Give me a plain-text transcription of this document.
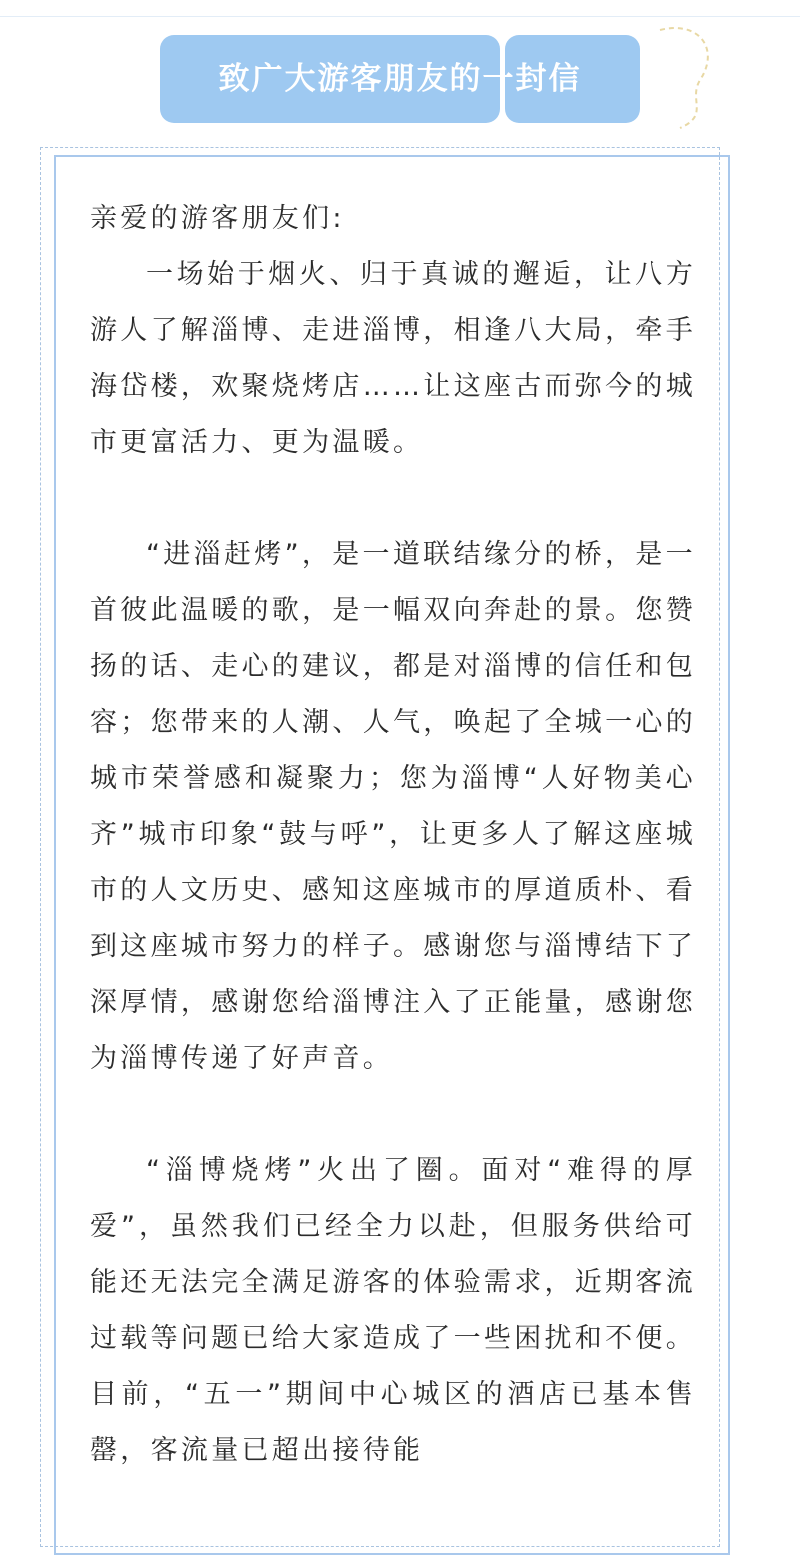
致广大游客朋友的一封信

亲爱的游客朋友们:

一场始于烟火、归于真诚的邂逅，让八方游人了解淄博、走进淄博，相逢八大局，牵手海岱楼，欢聚烧烤店……让这座古而弥今的城市更富活力、更为温暖。

“进淄赶烤”，是一道联结缘分的桥，是一首彼此温暖的歌，是一幅双向奔赴的景。您赞扬的话、走心的建议，都是对淄博的信任和包容；您带来的人潮、人气，唤起了全城一心的城市荣誉感和凝聚力；您为淄博“人好物美心齐”城市印象“鼓与呼”，让更多人了解这座城市的人文历史、感知这座城市的厚道质朴、看到这座城市努力的样子。感谢您与淄博结下了深厚情，感谢您给淄博注入了正能量，感谢您为淄博传递了好声音。

“淄博烧烤”火出了圈。面对“难得的厚爱”，虽然我们已经全力以赴，但服务供给可能还无法完全满足游客的体验需求，近期客流过载等问题已给大家造成了一些困扰和不便。目前，“五一”期间中心城区的酒店已基本售罄，客流量已超出接待能
